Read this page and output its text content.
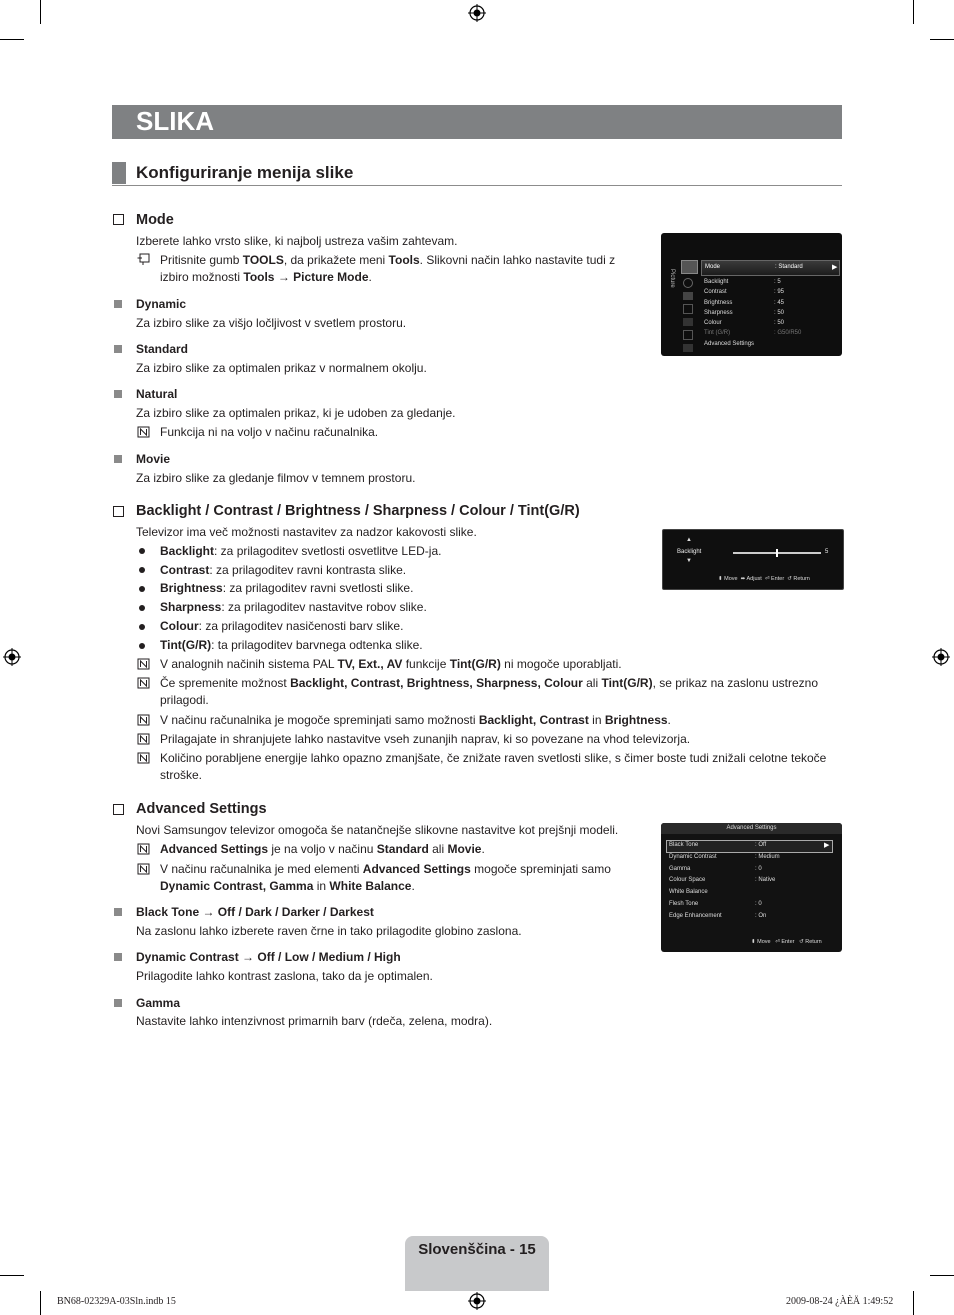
SLIKA
Konfiguriranje menija slike
Mode
Izberete lahko vrsto slike, ki najbolj ustreza vašim zahtevam.
Pritisnite gumb TOOLS, da prikažete meni Tools. Slikovni način lahko nastavite tudi z
izbiro možnosti Tools → Picture Mode.
Dynamic
Za izbiro slike za višjo ločljivost v svetlem prostoru.
Standard
Za izbiro slike za optimalen prikaz v normalnem okolju.
Natural
Za izbiro slike za optimalen prikaz, ki je udoben za gledanje.
Funkcija ni na voljo v načinu računalnika.
Movie
Za izbiro slike za gledanje filmov v temnem prostoru.
Picture
Mode	: Standard	▶
Backlight	: 5
Contrast	: 95
Brightness	: 45
Sharpness	: 50
Colour	: 50
Tint (G/R)	: G50/R50
Advanced Settings
Backlight / Contrast / Brightness / Sharpness / Colour / Tint(G/R)
Televizor ima več možnosti nastavitev za nadzor kakovosti slike.
Backlight: za prilagoditev svetlosti osvetlitve LED-ja.
Contrast: za prilagoditev ravni kontrasta slike.
Brightness: za prilagoditev ravni svetlosti slike.
Sharpness: za prilagoditev nastavitve robov slike.
Colour: za prilagoditev nasičenosti barv slike.
Tint(G/R): ta prilagoditev barvnega odtenka slike.
V analognih načinih sistema PAL TV, Ext., AV funkcije Tint(G/R) ni mogoče uporabljati.
Če spremenite možnost Backlight, Contrast, Brightness, Sharpness, Colour ali Tint(G/R), se prikaz na zaslonu ustrezno
prilagodi.
V načinu računalnika je mogoče spreminjati samo možnosti Backlight, Contrast in Brightness.
Prilagajate in shranjujete lahko nastavitve vseh zunanjih naprav, ki so povezane na vhod televizorja.
Količino porabljene energije lahko opazno zmanjšate, če znižate raven svetlosti slike, s čimer boste tudi znižali celotne tekoče
stroške.
▲
Backlight
▼
5
⬍ Move ⬌ Adjust ⏎ Enter ↺ Return
Advanced Settings
Novi Samsungov televizor omogoča še natančnejše slikovne nastavitve kot prejšnji modeli.
Advanced Settings je na voljo v načinu Standard ali Movie.
V načinu računalnika je med elementi Advanced Settings mogoče spreminjati samo
Dynamic Contrast, Gamma in White Balance.
Black Tone → Off / Dark / Darker / Darkest
Na zaslonu lahko izberete raven črne in tako prilagodite globino zaslona.
Dynamic Contrast → Off / Low / Medium / High
Prilagodite lahko kontrast zaslona, tako da je optimalen.
Gamma
Nastavite lahko intenzivnost primarnih barv (rdeča, zelena, modra).
Advanced Settings
▶
Black Tone	: Off
Dynamic Contrast	: Medium
Gamma	: 0
Colour Space	: Native
White Balance
Flesh Tone	: 0
Edge Enhancement	: On
⬍ Move ⏎ Enter ↺ Return
Slovenščina - 15
BN68-02329A-03Sln.indb 15	2009-08-24 ¿ÀÈÄ 1:49:52
